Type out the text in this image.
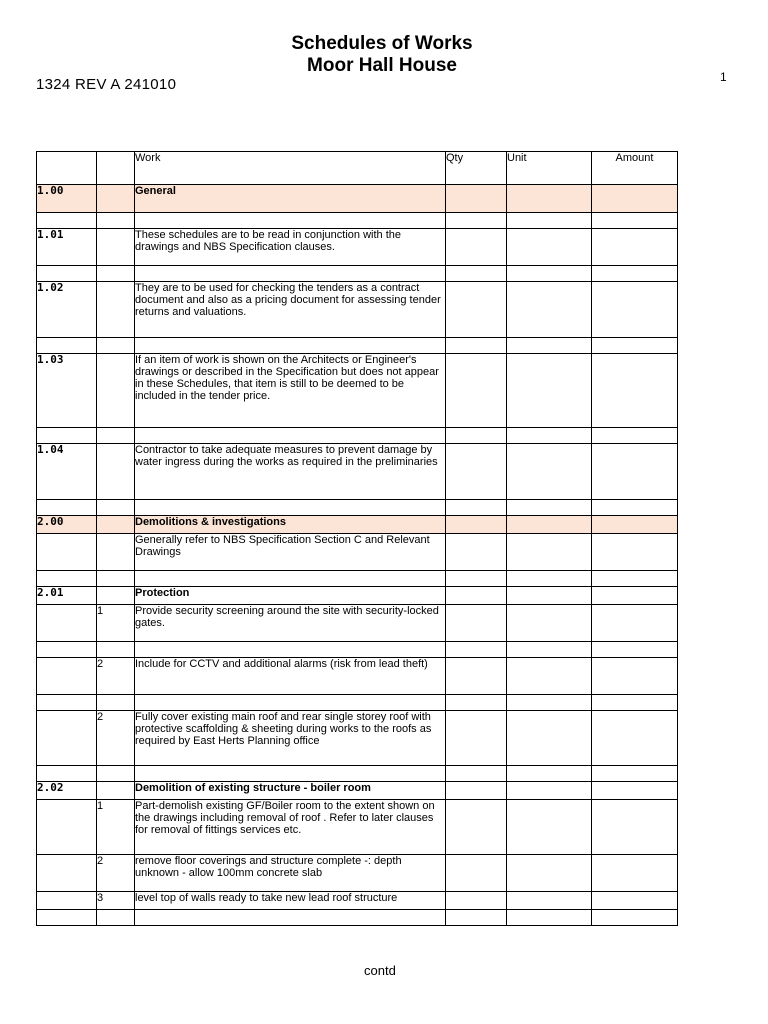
Schedules of Works
Moor Hall House
1324 REV A 241010	1
		Work	Qty	Unit	Amount
1.00		General			

1.01		These schedules are to be read in conjunction with the drawings and NBS Specification clauses.			

1.02		They are to be used for checking the tenders as a contract document and also as a pricing document for assessing tender returns and valuations.			

1.03		If an item of work is shown on the Architects or Engineer's drawings or described in the Specification but does not appear in these Schedules, that item is still to be deemed to be included in the tender price.			

1.04		Contractor to take adequate measures to prevent damage by water ingress during the works as required in the preliminaries			

2.00		Demolitions & investigations			
		Generally refer to NBS Specification Section C and Relevant Drawings			

2.01		Protection			
	1	Provide security screening around the site with security-locked gates.			

	2	Include for CCTV and additional alarms (risk from lead theft)			

	2	Fully cover existing main roof and rear single storey roof with protective scaffolding & sheeting during works to the roofs as required by East Herts Planning office			

2.02		Demolition of existing structure - boiler room			
	1	Part-demolish existing GF/Boiler room to the extent shown on the drawings including removal of roof . Refer to later clauses for removal of fittings services etc.			
	2	remove floor coverings and structure complete -: depth unknown - allow 100mm concrete slab			
	3	level top of walls ready to take new lead roof structure			

contd
